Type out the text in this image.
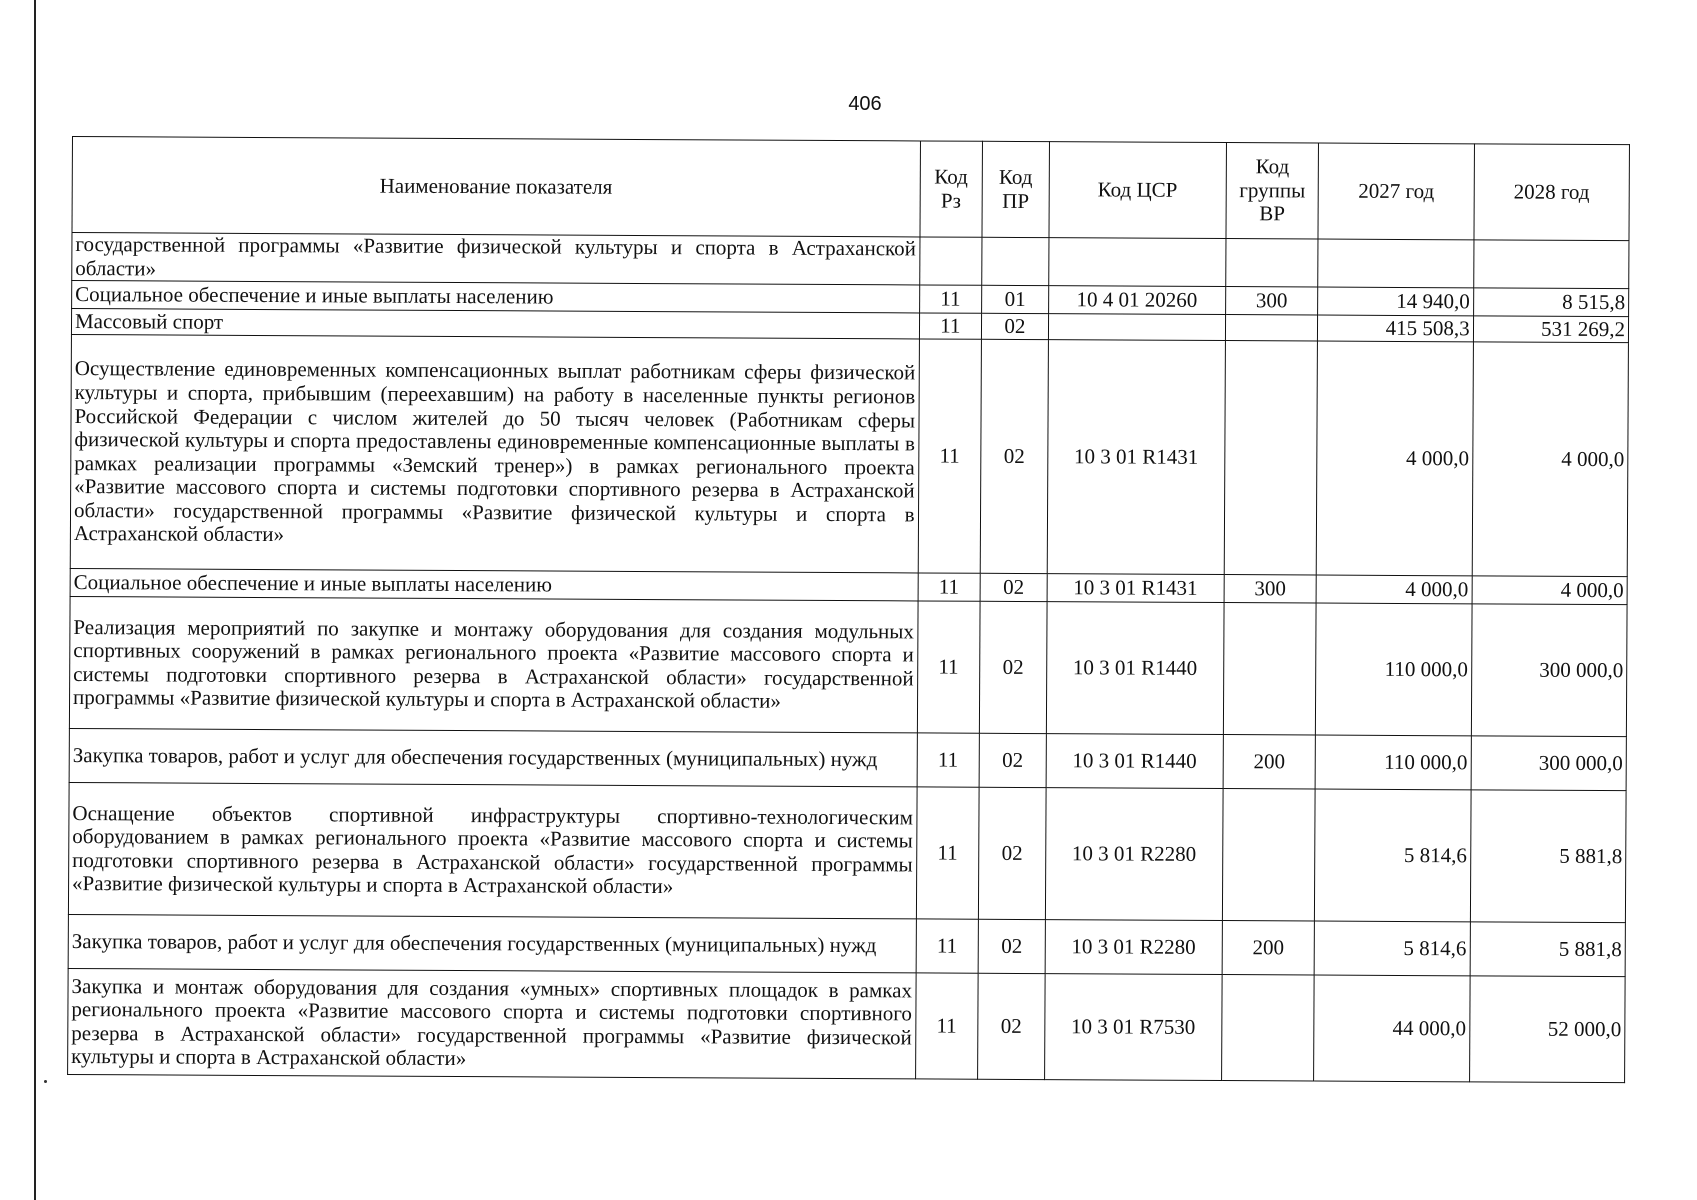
406
Наименование показателя	Код Рз	Код ПР	Код ЦСР	Код группы ВР	2027 год	2028 год
государственной программы «Развитие физической культуры и спорта в Астраханской области»						
Социальное обеспечение и иные выплаты населению	11	01	10 4 01 20260	300	14 940,0	8 515,8
Массовый спорт	11	02			415 508,3	531 269,2
Осуществление единовременных компенсационных выплат работникам сферы физической культуры и спорта, прибывшим (переехавшим) на работу в населенные пункты регионов Российской Федерации с числом жителей до 50 тысяч человек (Работникам сферы физической культуры и спорта предоставлены единовременные компенсационные выплаты в рамках реализации программы «Земский тренер») в рамках регионального проекта «Развитие массового спорта и системы подготовки спортивного резерва в Астраханской области» государственной программы «Развитие физической культуры и спорта в Астраханской области»	11	02	10 3 01 R1431		4 000,0	4 000,0
Социальное обеспечение и иные выплаты населению	11	02	10 3 01 R1431	300	4 000,0	4 000,0
Реализация мероприятий по закупке и монтажу оборудования для создания модульных спортивных сооружений в рамках регионального проекта «Развитие массового спорта и системы подготовки спортивного резерва в Астраханской области» государственной программы «Развитие физической культуры и спорта в Астраханской области»	11	02	10 3 01 R1440		110 000,0	300 000,0
Закупка товаров, работ и услуг для обеспечения государственных (муниципальных) нужд	11	02	10 3 01 R1440	200	110 000,0	300 000,0
Оснащение объектов спортивной инфраструктуры спортивно-технологическим оборудованием в рамках регионального проекта «Развитие массового спорта и системы подготовки спортивного резерва в Астраханской области» государственной программы «Развитие физической культуры и спорта в Астраханской области»	11	02	10 3 01 R2280		5 814,6	5 881,8
Закупка товаров, работ и услуг для обеспечения государственных (муниципальных) нужд	11	02	10 3 01 R2280	200	5 814,6	5 881,8
Закупка и монтаж оборудования для создания «умных» спортивных площадок в рамках регионального проекта «Развитие массового спорта и системы подготовки спортивного резерва в Астраханской области» государственной программы «Развитие физической культуры и спорта в Астраханской области»	11	02	10 3 01 R7530		44 000,0	52 000,0
